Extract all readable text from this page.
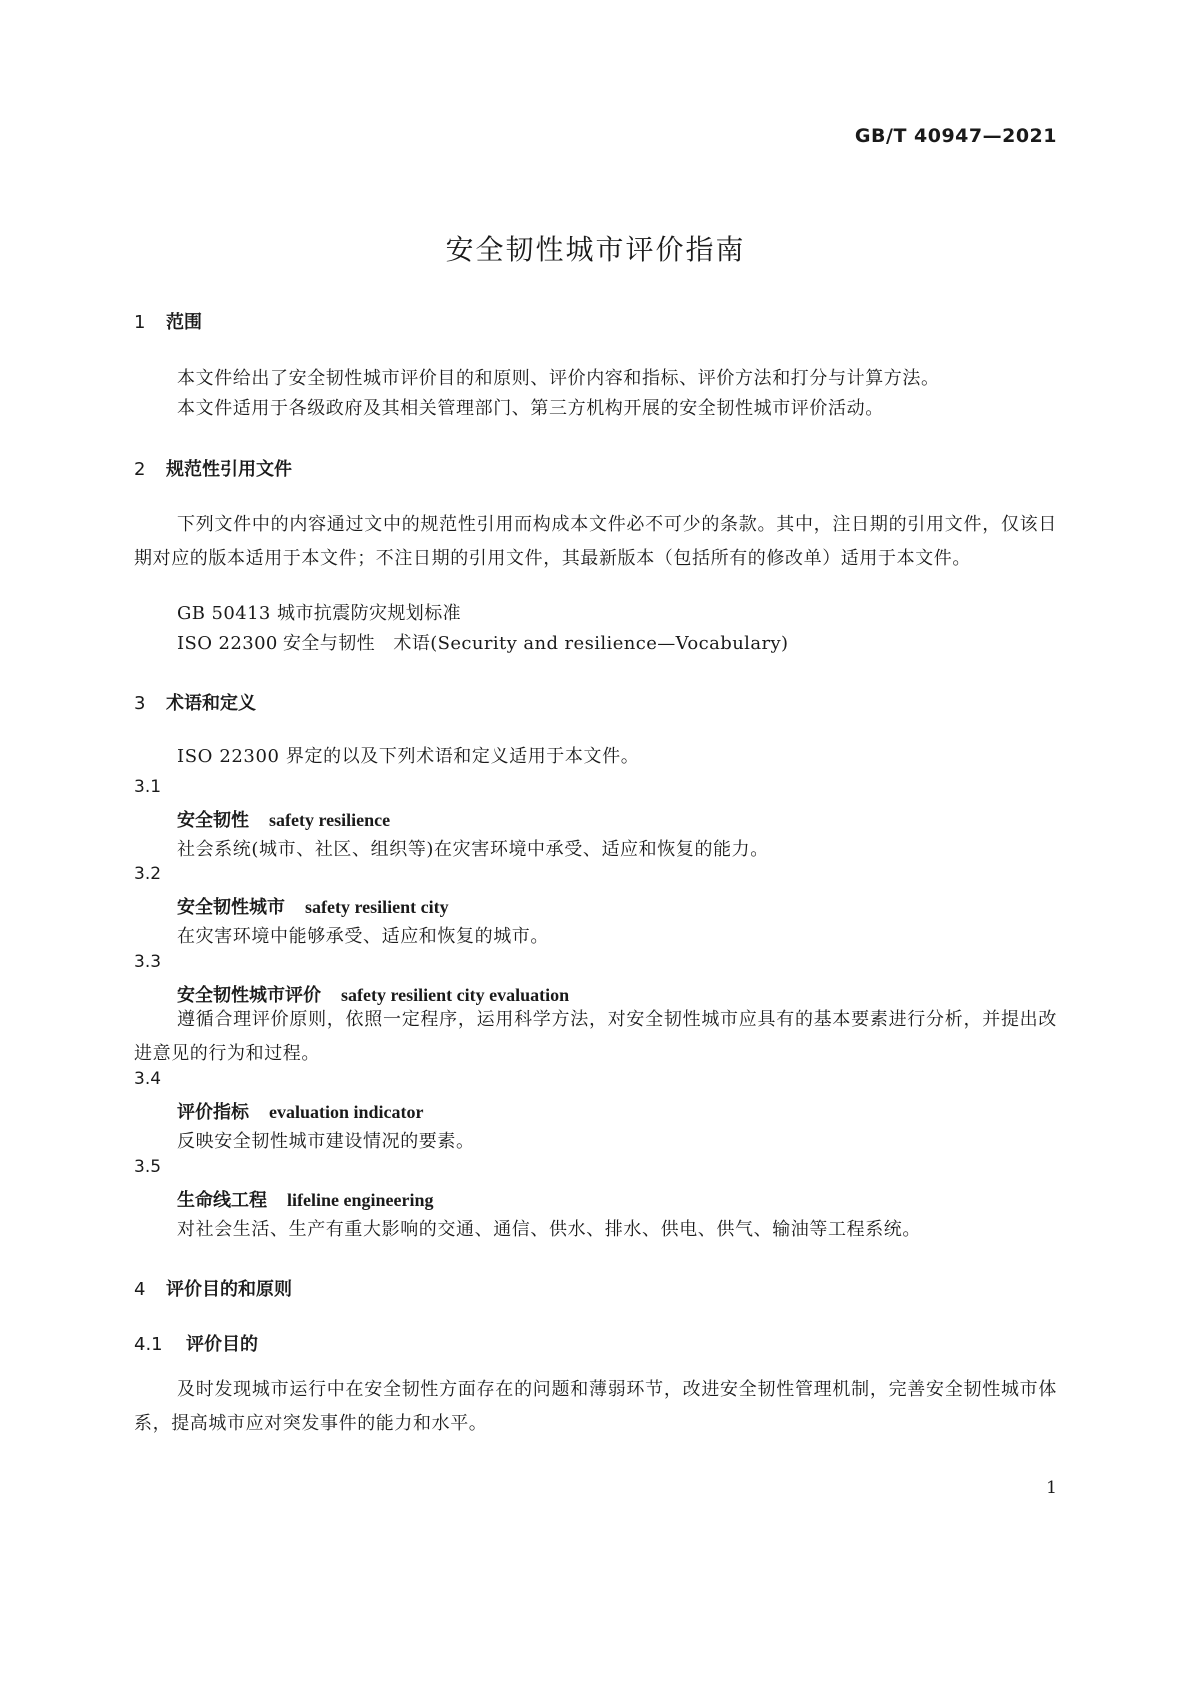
GB/T 40947—2021
安全韧性城市评价指南
1 范围
本文件给出了安全韧性城市评价目的和原则、评价内容和指标、评价方法和打分与计算方法。
本文件适用于各级政府及其相关管理部门、第三方机构开展的安全韧性城市评价活动。
2 规范性引用文件
下列文件中的内容通过文中的规范性引用而构成本文件必不可少的条款。其中，注日期的引用文件，仅该日期对应的版本适用于本文件；不注日期的引用文件，其最新版本（包括所有的修改单）适用于本文件。
GB 50413 城市抗震防灾规划标准
ISO 22300 安全与韧性　术语(Security and resilience—Vocabulary)
3 术语和定义
ISO 22300 界定的以及下列术语和定义适用于本文件。
3.1
安全韧性 safety resilience
社会系统(城市、社区、组织等)在灾害环境中承受、适应和恢复的能力。
3.2
安全韧性城市 safety resilient city
在灾害环境中能够承受、适应和恢复的城市。
3.3
安全韧性城市评价 safety resilient city evaluation
遵循合理评价原则，依照一定程序，运用科学方法，对安全韧性城市应具有的基本要素进行分析，并提出改进意见的行为和过程。
3.4
评价指标 evaluation indicator
反映安全韧性城市建设情况的要素。
3.5
生命线工程 lifeline engineering
对社会生活、生产有重大影响的交通、通信、供水、排水、供电、供气、输油等工程系统。
4 评价目的和原则
4.1 评价目的
及时发现城市运行中在安全韧性方面存在的问题和薄弱环节，改进安全韧性管理机制，完善安全韧性城市体系，提高城市应对突发事件的能力和水平。
1
